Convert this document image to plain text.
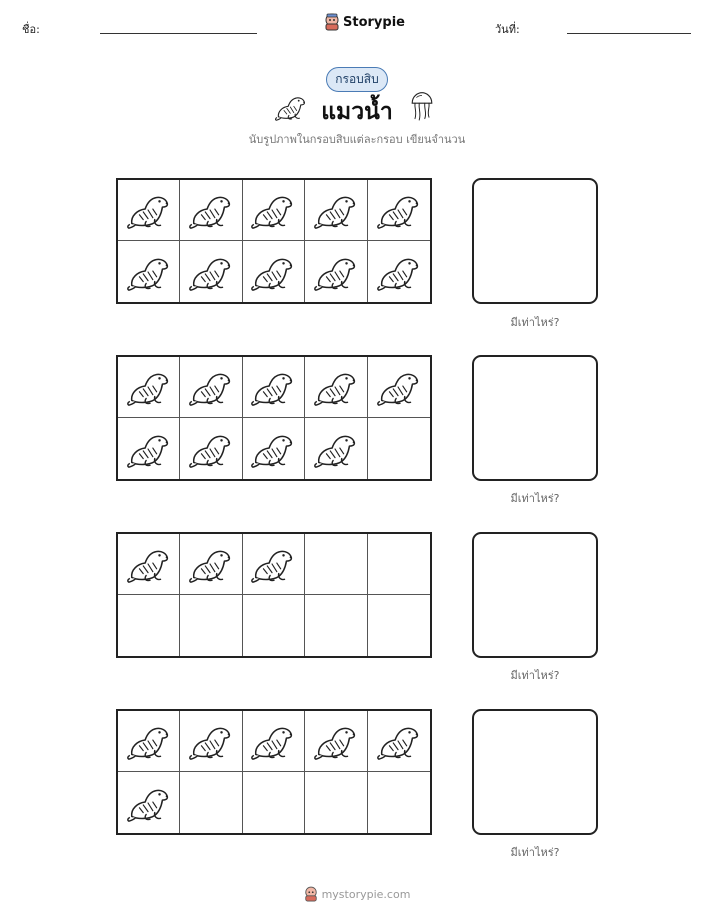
ชื่อ:	Storypie	วันที่:
กรอบสิบ
แมวน้ำ
นับรูปภาพในกรอบสิบแต่ละกรอบ เขียนจำนวน
มีเท่าไหร่?
มีเท่าไหร่?
มีเท่าไหร่?
มีเท่าไหร่?
mystorypie.com
